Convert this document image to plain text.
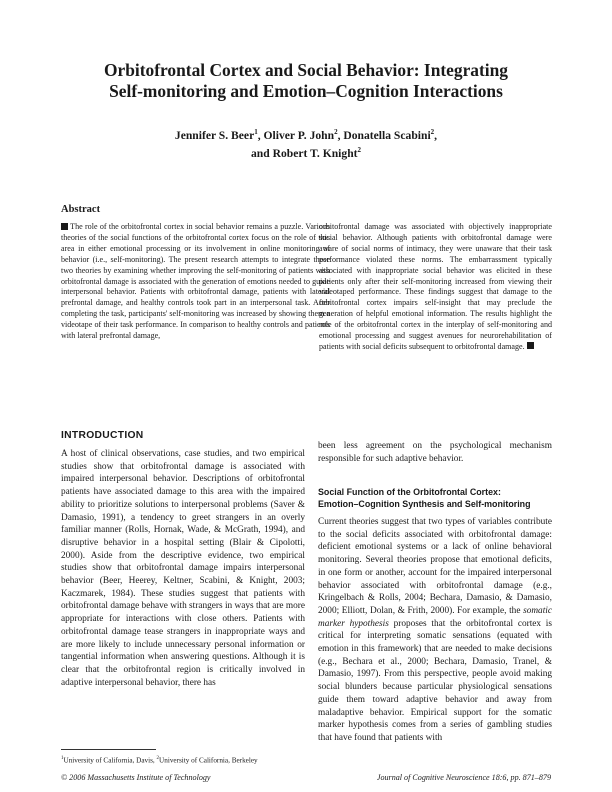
Orbitofrontal Cortex and Social Behavior: Integrating
Self-monitoring and Emotion–Cognition Interactions
Jennifer S. Beer$^1$, Oliver P. John$^2$, Donatella Scabini$^2$,
and Robert T. Knight$^2$
Abstract

The role of the orbitofrontal cortex in social behavior remains a puzzle. Various theories of the social functions of the orbitofrontal cortex focus on the role of this area in either emotional processing or its involvement in online monitoring of behavior (i.e., self-monitoring). The present research attempts to integrate these two theories by examining whether improving the self-monitoring of patients with orbitofrontal damage is associated with the generation of emotions needed to guide interpersonal behavior. Patients with orbitofrontal damage, patients with lateral prefrontal damage, and healthy controls took part in an interpersonal task. After completing the task, participants' self-monitoring was increased by showing them a videotape of their task performance. In comparison to healthy controls and patients with lateral prefrontal damage,

orbitofrontal damage was associated with objectively inappropriate social behavior. Although patients with orbitofrontal damage were aware of social norms of intimacy, they were unaware that their task performance violated these norms. The embarrassment typically associated with inappropriate social behavior was elicited in these patients only after their self-monitoring increased from viewing their videotaped performance. These findings suggest that damage to the orbitofrontal cortex impairs self-insight that may preclude the generation of helpful emotional information. The results highlight the role of the orbitofrontal cortex in the interplay of self-monitoring and emotional processing and suggest avenues for neurorehabilitation of patients with social deficits subsequent to orbitofrontal damage.

INTRODUCTION

A host of clinical observations, case studies, and two empirical studies show that orbitofrontal damage is associated with impaired interpersonal behavior. Descriptions of orbitofrontal patients have associated damage to this area with the impaired ability to prioritize solutions to interpersonal problems (Saver & Damasio, 1991), a tendency to greet strangers in an overly familiar manner (Rolls, Hornak, Wade, & McGrath, 1994), and disruptive behavior in a hospital setting (Blair & Cipolotti, 2000). Aside from the descriptive evidence, two empirical studies show that orbitofrontal damage impairs interpersonal behavior (Beer, Heerey, Keltner, Scabini, & Knight, 2003; Kaczmarek, 1984). These studies suggest that patients with orbitofrontal damage behave with strangers in ways that are more appropriate for interactions with close others. Patients with orbitofrontal damage tease strangers in inappropriate ways and are more likely to include unnecessary personal information or tangential information when answering questions. Although it is clear that the orbitofrontal region is critically involved in adaptive interpersonal behavior, there has

been less agreement on the psychological mechanism responsible for such adaptive behavior.

Social Function of the Orbitofrontal Cortex:
Emotion–Cognition Synthesis and Self-monitoring

Current theories suggest that two types of variables contribute to the social deficits associated with orbitofrontal damage: deficient emotional systems or a lack of online behavioral monitoring. Several theories propose that emotional deficits, in one form or another, account for the impaired interpersonal behavior associated with orbitofrontal damage (e.g., Kringelbach & Rolls, 2004; Bechara, Damasio, & Damasio, 2000; Elliott, Dolan, & Frith, 2000). For example, the somatic marker hypothesis proposes that the orbitofrontal cortex is critical for interpreting somatic sensations (equated with emotion in this framework) that are needed to make decisions (e.g., Bechara et al., 2000; Bechara, Damasio, Tranel, & Damasio, 1997). From this perspective, people avoid making social blunders because particular physiological sensations guide them toward adaptive behavior and away from maladaptive behavior. Empirical support for the somatic marker hypothesis comes from a series of gambling studies that have found that patients with

$^1$University of California, Davis, $^2$University of California, Berkeley
© 2006 Massachusetts Institute of Technology	Journal of Cognitive Neuroscience 18:6, pp. 871–879
